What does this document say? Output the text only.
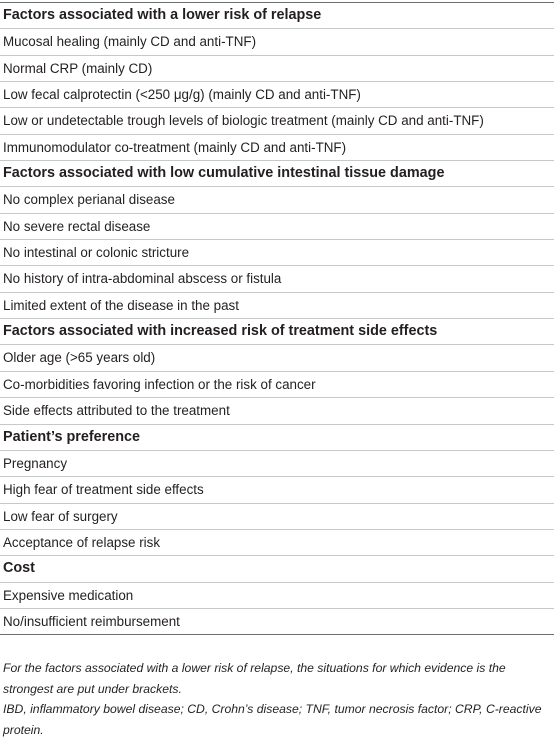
Factors associated with a lower risk of relapse
Mucosal healing (mainly CD and anti-TNF)
Normal CRP (mainly CD)
Low fecal calprotectin (<250 μg/g) (mainly CD and anti-TNF)
Low or undetectable trough levels of biologic treatment (mainly CD and anti-TNF)
Immunomodulator co-treatment (mainly CD and anti-TNF)
Factors associated with low cumulative intestinal tissue damage
No complex perianal disease
No severe rectal disease
No intestinal or colonic stricture
No history of intra-abdominal abscess or fistula
Limited extent of the disease in the past
Factors associated with increased risk of treatment side effects
Older age (>65 years old)
Co-morbidities favoring infection or the risk of cancer
Side effects attributed to the treatment
Patient’s preference
Pregnancy
High fear of treatment side effects
Low fear of surgery
Acceptance of relapse risk
Cost
Expensive medication
No/insufficient reimbursement

For the factors associated with a lower risk of relapse, the situations for which evidence is the strongest are put under brackets.

IBD, inflammatory bowel disease; CD, Crohn’s disease; TNF, tumor necrosis factor; CRP, C-reactive protein.
